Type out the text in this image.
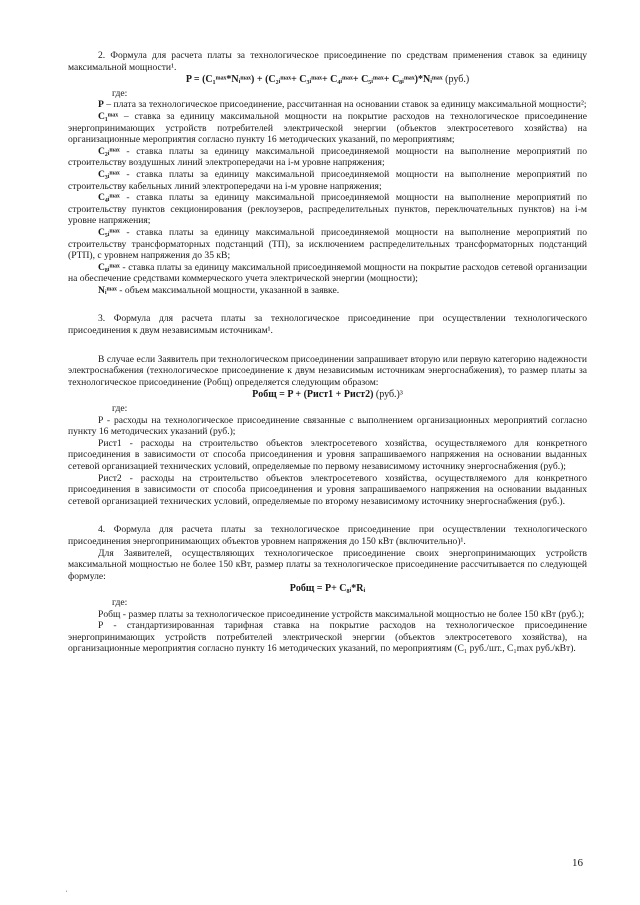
2. Формула для расчета платы за технологическое присоединение по средствам применения ставок за единицу максимальной мощности¹.

P = (C₁ᵐᵃˣ*Nᵢᵐᵃˣ) + (C₂ᵢᵐᵃˣ+ C₃ᵢᵐᵃˣ+ C₄ᵢᵐᵃˣ+ C₅ᵢᵐᵃˣ+ C₈ᵢᵐᵃˣ)*Nᵢᵐᵃˣ (руб.)

где:

P – плата за технологическое присоединение, рассчитанная на основании ставок за единицу максимальной мощности²;

C₁ᵐᵃˣ – ставка за единицу максимальной мощности на покрытие расходов на технологическое присоединение энергопринимающих устройств потребителей электрической энергии (объектов электросетевого хозяйства) на организационные мероприятия согласно пункту 16 методических указаний, по мероприятиям;

C₂ᵢᵐᵃˣ - ставка платы за единицу максимальной присоединяемой мощности на выполнение мероприятий по строительству воздушных линий электропередачи на i-м уровне напряжения;

C₃ᵢᵐᵃˣ - ставка платы за единицу максимальной присоединяемой мощности на выполнение мероприятий по строительству кабельных линий электропередачи на i-м уровне напряжения;

C₄ᵢᵐᵃˣ - ставка платы за единицу максимальной присоединяемой мощности на выполнение мероприятий по строительству пунктов секционирования (реклоузеров, распределительных пунктов, переключательных пунктов) на i-м уровне напряжения;

C₅ᵢᵐᵃˣ - ставка платы за единицу максимальной присоединяемой мощности на выполнение мероприятий по строительству трансформаторных подстанций (ТП), за исключением распределительных трансформаторных подстанций (РТП), с уровнем напряжения до 35 кВ;

C₈ᵢᵐᵃˣ - ставка платы за единицу максимальной присоединяемой мощности на покрытие расходов сетевой организации на обеспечение средствами коммерческого учета электрической энергии (мощности);

Nᵢᵐᵃˣ - объем максимальной мощности, указанной в заявке.

3. Формула для расчета платы за технологическое присоединение при осуществлении технологического присоединения к двум независимым источникам¹.

В случае если Заявитель при технологическом присоединении запрашивает вторую или первую категорию надежности электроснабжения (технологическое присоединение к двум независимым источникам энергоснабжения), то размер платы за технологическое присоединение (Pобщ) определяется следующим образом:

Pобщ = P + (Pист1 + Pист2) (руб.)³

где:

P - расходы на технологическое присоединение связанные с выполнением организационных мероприятий согласно пункту 16 методических указаний (руб.);

Pист1 - расходы на строительство объектов электросетевого хозяйства, осуществляемого для конкретного присоединения в зависимости от способа присоединения и уровня запрашиваемого напряжения на основании выданных сетевой организацией технических условий, определяемые по первому независимому источнику энергоснабжения (руб.);

Pист2 - расходы на строительство объектов электросетевого хозяйства, осуществляемого для конкретного присоединения в зависимости от способа присоединения и уровня запрашиваемого напряжения на основании выданных сетевой организацией технических условий, определяемые по второму независимому источнику энергоснабжения (руб.).

4. Формула для расчета платы за технологическое присоединение при осуществлении технологического присоединения энергопринимающих объектов уровнем напряжения до 150 кВт (включительно)¹.

Для Заявителей, осуществляющих технологическое присоединение своих энергопринимающих устройств максимальной мощностью не более 150 кВт, размер платы за технологическое присоединение рассчитывается по следующей формуле:

Pобщ = P+ C₈ᵢ*Rᵢ

где:

Pобщ - размер платы за технологическое присоединение устройств максимальной мощностью не более 150 кВт (руб.);

P - стандартизированная тарифная ставка на покрытие расходов на технологическое присоединение энергопринимающих устройств потребителей электрической энергии (объектов электросетевого хозяйства), на организационные мероприятия согласно пункту 16 методических указаний, по мероприятиям (C₁ руб./шт., C₁max руб./кВт).

16
ˌ
